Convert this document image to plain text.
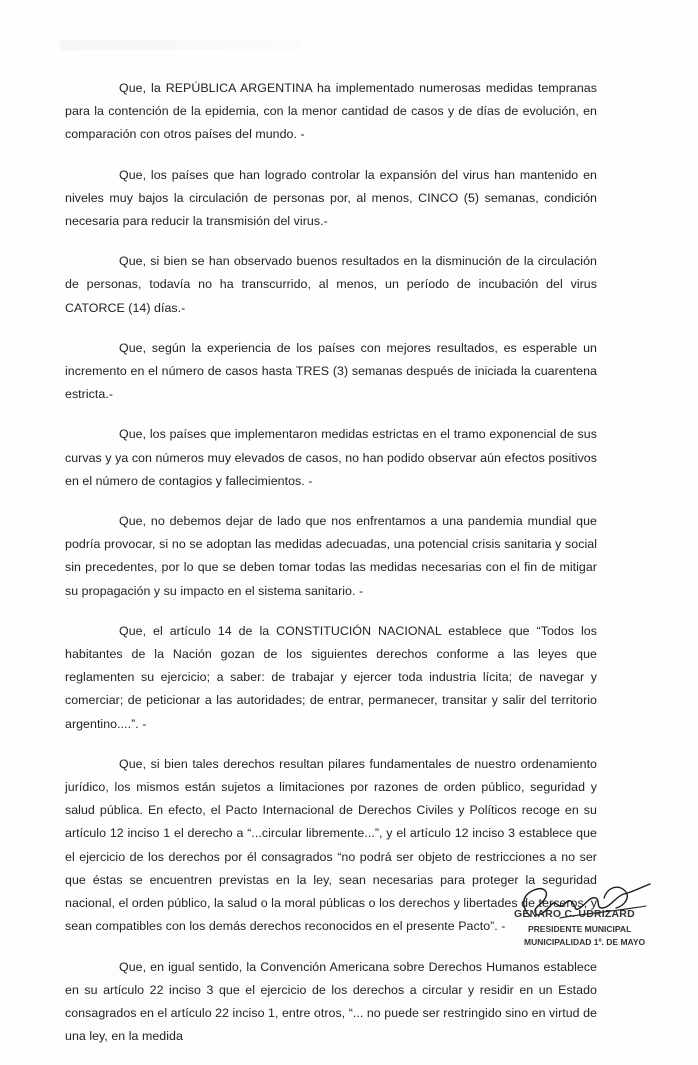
Que, la REPÚBLICA ARGENTINA ha implementado numerosas medidas tempranas para la contención de la epidemia, con la menor cantidad de casos y de días de evolución, en comparación con otros países del mundo. -

Que, los países que han logrado controlar la expansión del virus han mantenido en niveles muy bajos la circulación de personas por, al menos, CINCO (5) semanas, condición necesaria para reducir la transmisión del virus.-

Que, si bien se han observado buenos resultados en la disminución de la circulación de personas, todavía no ha transcurrido, al menos, un período de incubación del virus CATORCE (14) días.-

Que, según la experiencia de los países con mejores resultados, es esperable un incremento en el número de casos hasta TRES (3) semanas después de iniciada la cuarentena estricta.-

Que, los países que implementaron medidas estrictas en el tramo exponencial de sus curvas y ya con números muy elevados de casos, no han podido observar aún efectos positivos en el número de contagios y fallecimientos. -

Que, no debemos dejar de lado que nos enfrentamos a una pandemia mundial que podría provocar, si no se adoptan las medidas adecuadas, una potencial crisis sanitaria y social sin precedentes, por lo que se deben tomar todas las medidas necesarias con el fin de mitigar su propagación y su impacto en el sistema sanitario. -

Que, el artículo 14 de la CONSTITUCIÓN NACIONAL establece que “Todos los habitantes de la Nación gozan de los siguientes derechos conforme a las leyes que reglamenten su ejercicio; a saber: de trabajar y ejercer toda industria lícita; de navegar y comerciar; de peticionar a las autoridades; de entrar, permanecer, transitar y salir del territorio argentino....”. -

Que, si bien tales derechos resultan pilares fundamentales de nuestro ordenamiento jurídico, los mismos están sujetos a limitaciones por razones de orden público, seguridad y salud pública. En efecto, el Pacto Internacional de Derechos Civiles y Políticos recoge en su artículo 12 inciso 1 el derecho a “...circular libremente...”, y el artículo 12 inciso 3 establece que el ejercicio de los derechos por él consagrados “no podrá ser objeto de restricciones a no ser que éstas se encuentren previstas en la ley, sean necesarias para proteger la seguridad nacional, el orden público, la salud o la moral públicas o los derechos y libertades de terceros, y sean compatibles con los demás derechos reconocidos en el presente Pacto”. -

Que, en igual sentido, la Convención Americana sobre Derechos Humanos establece en su artículo 22 inciso 3 que el ejercicio de los derechos a circular y residir en un Estado consagrados en el artículo 22 inciso 1, entre otros, “... no puede ser restringido sino en virtud de una ley, en la medida

GENARO C. UDRIZARD
PRESIDENTE MUNICIPAL
MUNICIPALIDAD 1º. DE MAYO
